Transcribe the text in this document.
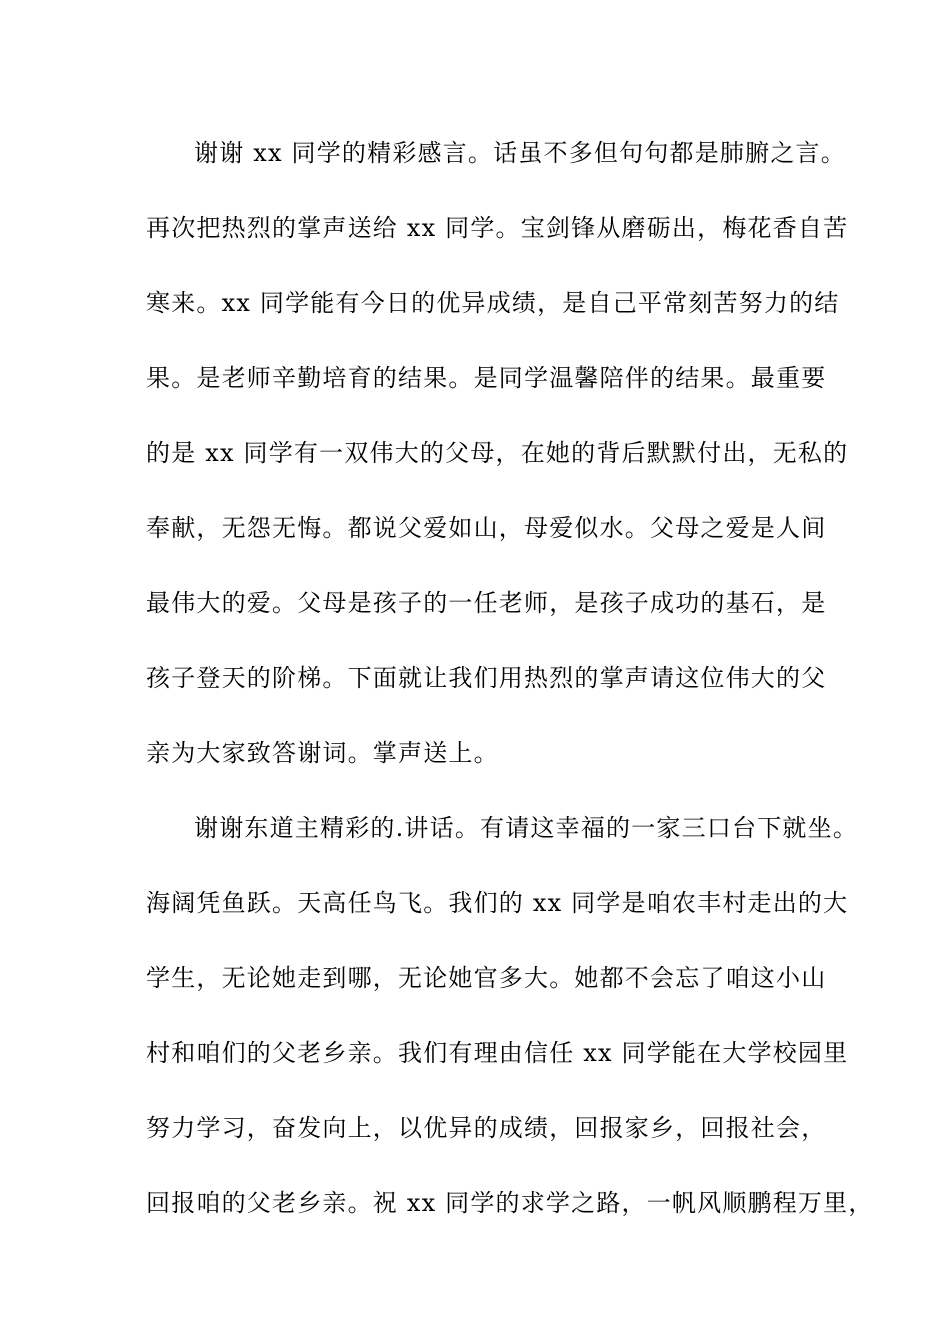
谢谢 xx 同学的精彩感言。话虽不多但句句都是肺腑之言。
再次把热烈的掌声送给 xx 同学。宝剑锋从磨砺出，梅花香自苦
寒来。xx 同学能有今日的优异成绩，是自己平常刻苦努力的结
果。是老师辛勤培育的结果。是同学温馨陪伴的结果。最重要
的是 xx 同学有一双伟大的父母，在她的背后默默付出，无私的
奉献，无怨无悔。都说父爱如山，母爱似水。父母之爱是人间
最伟大的爱。父母是孩子的一任老师，是孩子成功的基石，是
孩子登天的阶梯。下面就让我们用热烈的掌声请这位伟大的父
亲为大家致答谢词。掌声送上。
谢谢东道主精彩的.讲话。有请这幸福的一家三口台下就坐。
海阔凭鱼跃。天高任鸟飞。我们的 xx 同学是咱农丰村走出的大
学生，无论她走到哪，无论她官多大。她都不会忘了咱这小山
村和咱们的父老乡亲。我们有理由信任 xx 同学能在大学校园里
努力学习，奋发向上，以优异的成绩，回报家乡，回报社会，
回报咱的父老乡亲。祝 xx 同学的求学之路，一帆风顺鹏程万里，
